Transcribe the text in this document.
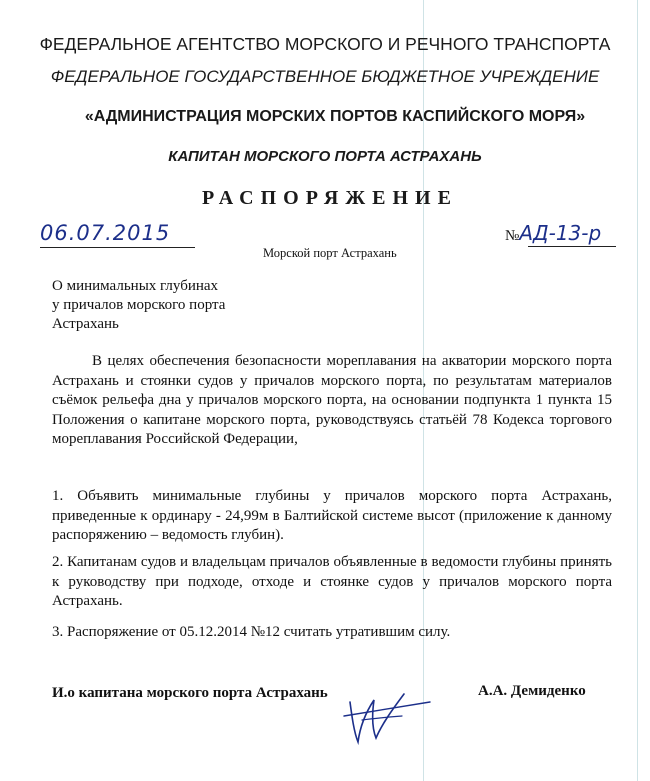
ФЕДЕРАЛЬНОЕ АГЕНТСТВО МОРСКОГО И РЕЧНОГО ТРАНСПОРТА
ФЕДЕРАЛЬНОЕ ГОСУДАРСТВЕННОЕ БЮДЖЕТНОЕ УЧРЕЖДЕНИЕ
«АДМИНИСТРАЦИЯ МОРСКИХ ПОРТОВ КАСПИЙСКОГО МОРЯ»
КАПИТАН МОРСКОГО ПОРТА АСТРАХАНЬ
РАСПОРЯЖЕНИЕ
06.07.2015
Морской порт Астрахань
№АД-13-р
О минимальных глубинах
у причалов морского порта
Астрахань
В целях обеспечения безопасности мореплавания на акватории морского порта Астрахань и стоянки судов у причалов морского порта, по результатам материалов съёмок рельефа дна у причалов морского порта, на основании подпункта 1 пункта 15 Положения о капитане морского порта, руководствуясь статьёй 78 Кодекса торгового мореплавания Российской Федерации,
1. Объявить минимальные глубины у причалов морского порта Астрахань, приведенные к ординару - 24,99м в Балтийской системе высот (приложение к данному распоряжению – ведомость глубин).
2. Капитанам судов и владельцам причалов объявленные в ведомости глубины принять к руководству при подходе, отходе и стоянке судов у причалов морского порта Астрахань.
3. Распоряжение от 05.12.2014 №12 считать утратившим силу.
И.о капитана морского порта Астрахань	А.А. Демиденко
